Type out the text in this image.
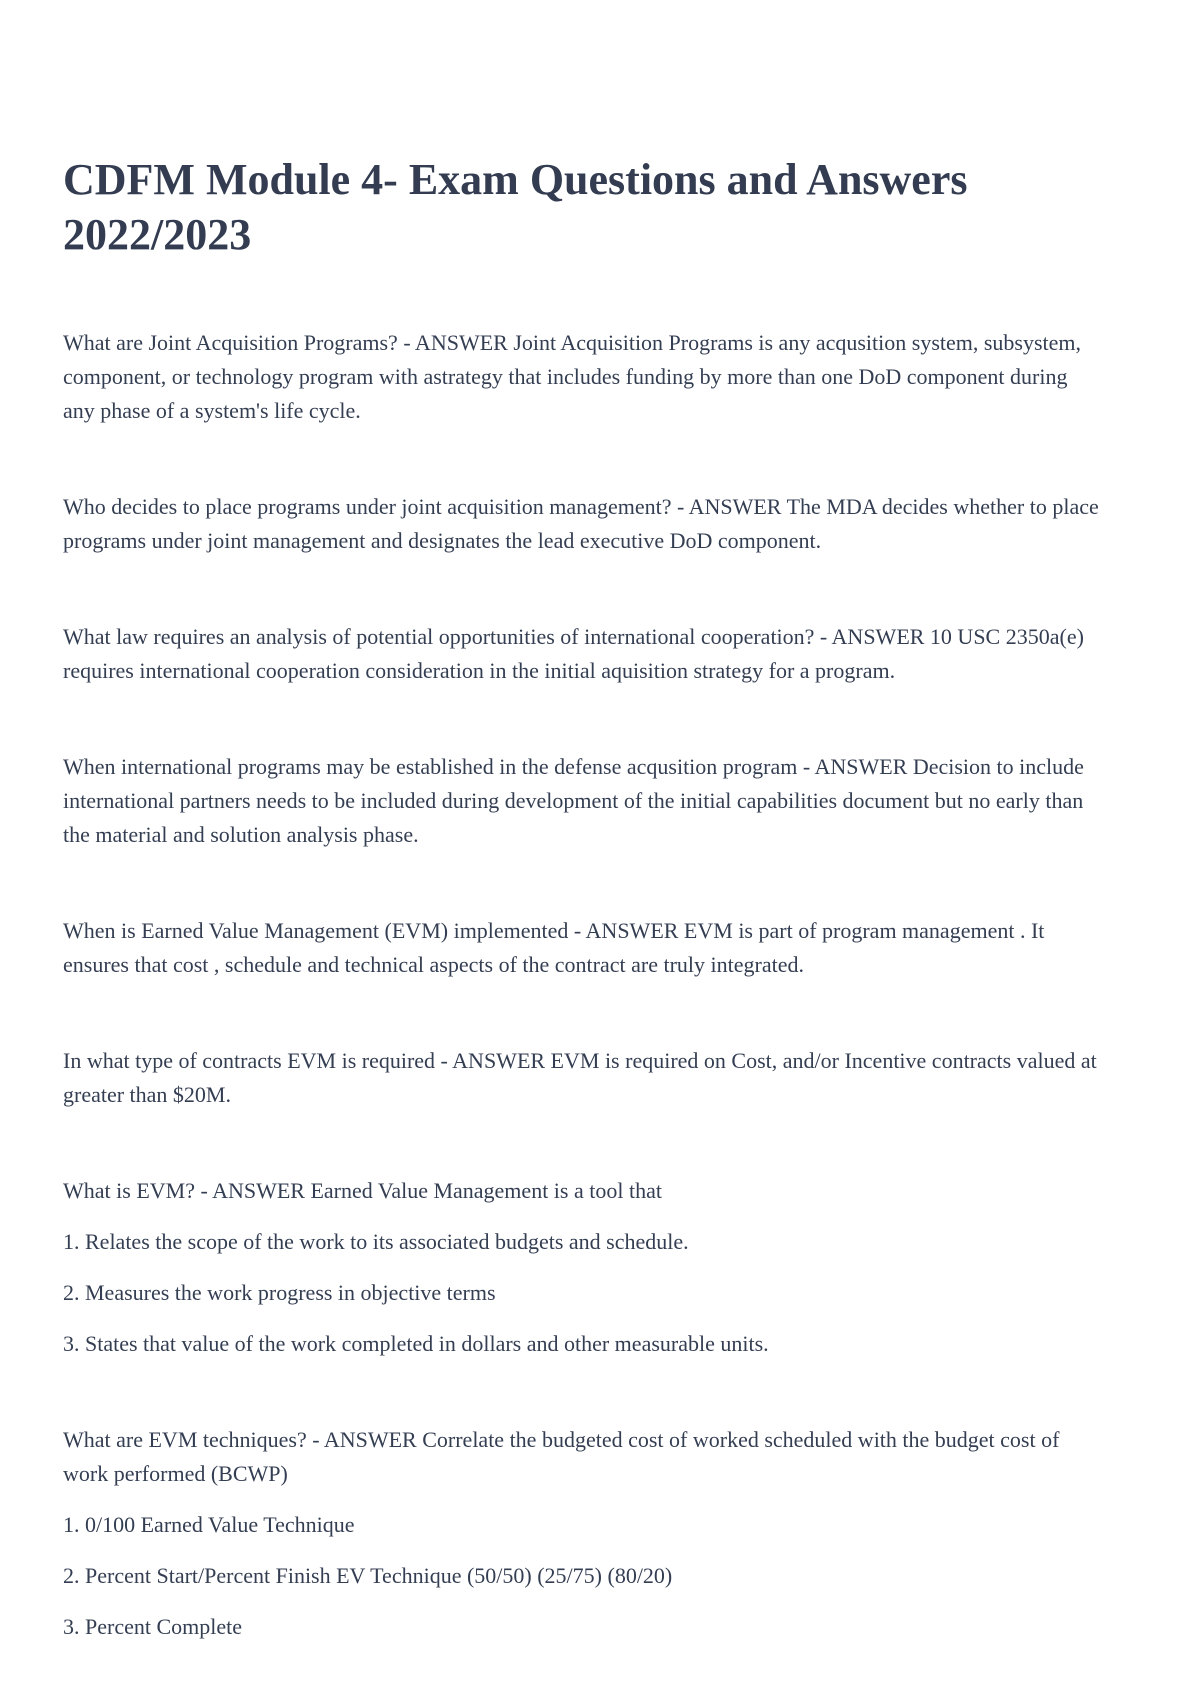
CDFM Module 4- Exam Questions and Answers 2022/2023

What are Joint Acquisition Programs? - ANSWER Joint Acquisition Programs is any acqusition system, subsystem, component, or technology program with astrategy that includes funding by more than one DoD component during any phase of a system's life cycle.

Who decides to place programs under joint acquisition management? - ANSWER The MDA decides whether to place programs under joint management and designates the lead executive DoD component.

What law requires an analysis of potential opportunities of international cooperation? - ANSWER 10 USC 2350a(e) requires international cooperation consideration in the initial aquisition strategy for a program.

When international programs may be established in the defense acqusition program - ANSWER Decision to include international partners needs to be included during development of the initial capabilities document but no early than the material and solution analysis phase.

When is Earned Value Management (EVM) implemented - ANSWER EVM is part of program management . It ensures that cost , schedule and technical aspects of the contract are truly integrated.

In what type of contracts EVM is required - ANSWER EVM is required on Cost, and/or Incentive contracts valued at greater than $20M.

What is EVM? - ANSWER Earned Value Management is a tool that

1. Relates the scope of the work to its associated budgets and schedule.

2. Measures the work progress in objective terms

3. States that value of the work completed in dollars and other measurable units.

What are EVM techniques? - ANSWER Correlate the budgeted cost of worked scheduled with the budget cost of work performed (BCWP)

1. 0/100 Earned Value Technique

2. Percent Start/Percent Finish EV Technique (50/50) (25/75) (80/20)

3. Percent Complete
